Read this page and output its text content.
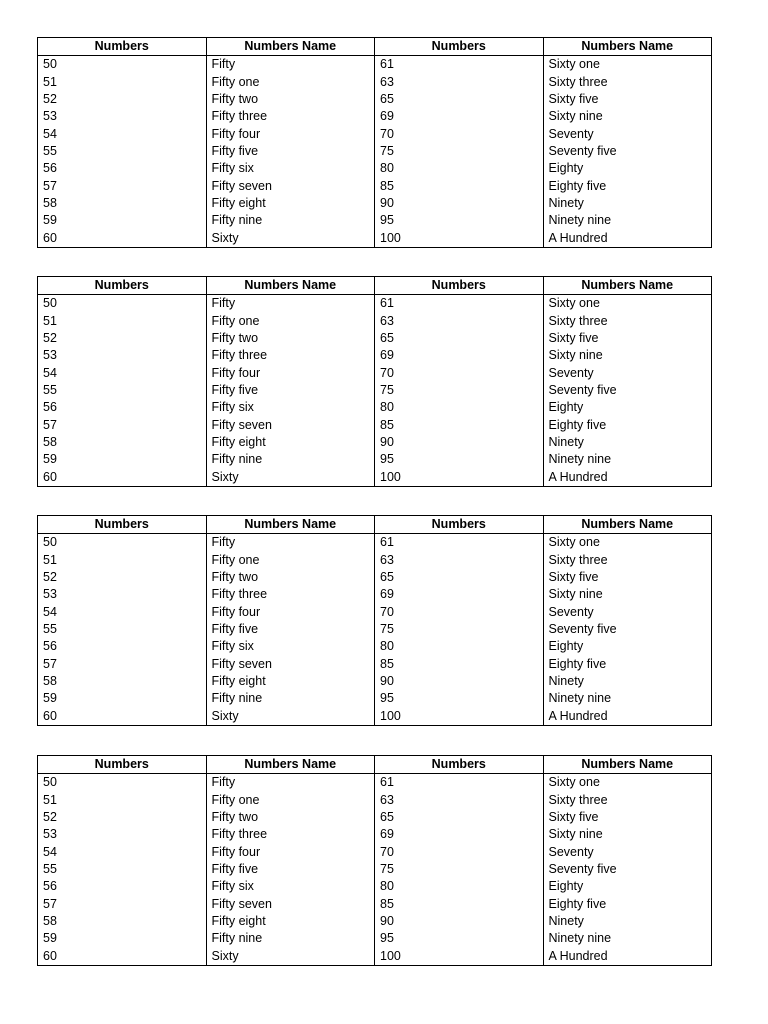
Numbers	Numbers Name	Numbers	Numbers Name
50	Fifty	61	Sixty one
51	Fifty one	63	Sixty three
52	Fifty two	65	Sixty five
53	Fifty three	69	Sixty nine
54	Fifty four	70	Seventy
55	Fifty five	75	Seventy five
56	Fifty six	80	Eighty
57	Fifty seven	85	Eighty five
58	Fifty eight	90	Ninety
59	Fifty nine	95	Ninety nine
60	Sixty	100	A Hundred
Numbers	Numbers Name	Numbers	Numbers Name
50	Fifty	61	Sixty one
51	Fifty one	63	Sixty three
52	Fifty two	65	Sixty five
53	Fifty three	69	Sixty nine
54	Fifty four	70	Seventy
55	Fifty five	75	Seventy five
56	Fifty six	80	Eighty
57	Fifty seven	85	Eighty five
58	Fifty eight	90	Ninety
59	Fifty nine	95	Ninety nine
60	Sixty	100	A Hundred
Numbers	Numbers Name	Numbers	Numbers Name
50	Fifty	61	Sixty one
51	Fifty one	63	Sixty three
52	Fifty two	65	Sixty five
53	Fifty three	69	Sixty nine
54	Fifty four	70	Seventy
55	Fifty five	75	Seventy five
56	Fifty six	80	Eighty
57	Fifty seven	85	Eighty five
58	Fifty eight	90	Ninety
59	Fifty nine	95	Ninety nine
60	Sixty	100	A Hundred
Numbers	Numbers Name	Numbers	Numbers Name
50	Fifty	61	Sixty one
51	Fifty one	63	Sixty three
52	Fifty two	65	Sixty five
53	Fifty three	69	Sixty nine
54	Fifty four	70	Seventy
55	Fifty five	75	Seventy five
56	Fifty six	80	Eighty
57	Fifty seven	85	Eighty five
58	Fifty eight	90	Ninety
59	Fifty nine	95	Ninety nine
60	Sixty	100	A Hundred
